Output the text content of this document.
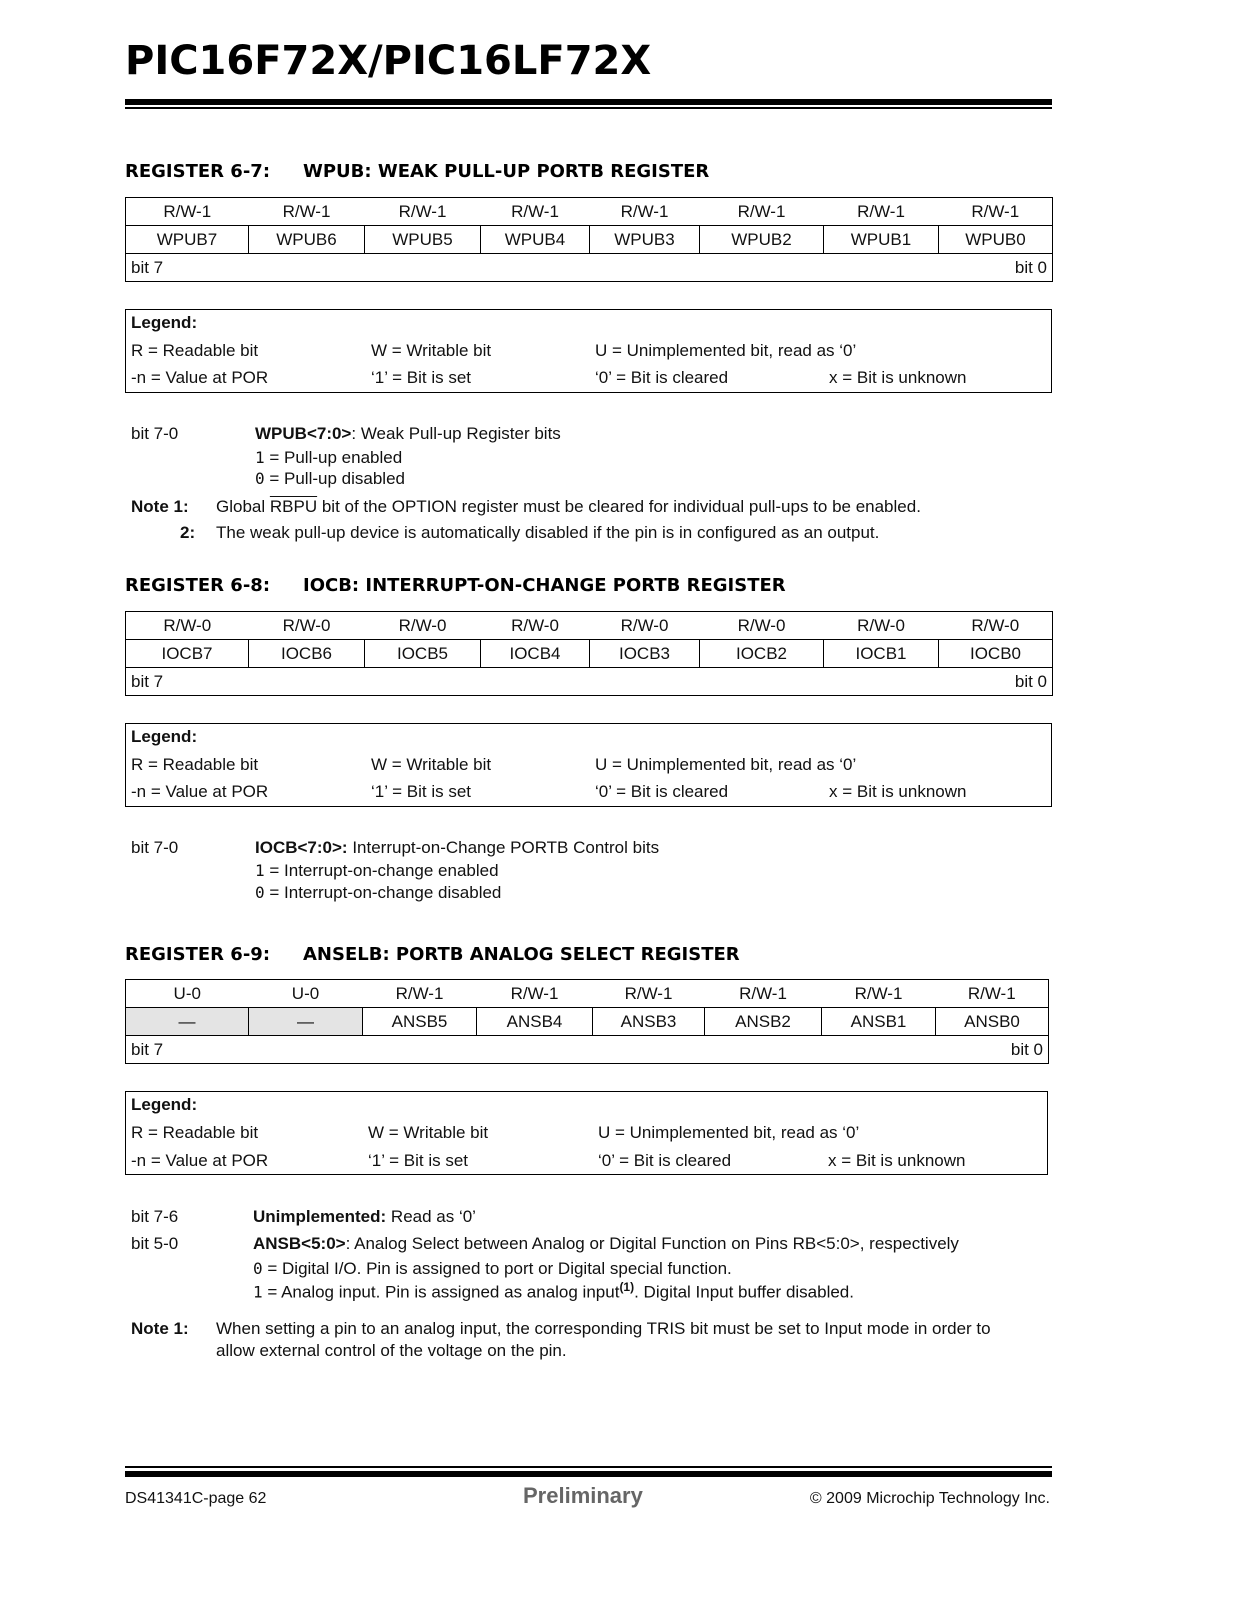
PIC16F72X/PIC16LF72X
REGISTER 6-7: WPUB: WEAK PULL-UP PORTB REGISTER
R/W-1	R/W-1	R/W-1	R/W-1	R/W-1	R/W-1	R/W-1	R/W-1
WPUB7	WPUB6	WPUB5	WPUB4	WPUB3	WPUB2	WPUB1	WPUB0
bit 7 bit 0							
Legend:
R = Readable bit	W = Writable bit	U = Unimplemented bit, read as ‘0’
-n = Value at POR	‘1’ = Bit is set	‘0’ = Bit is cleared	x = Bit is unknown
bit 7-0	WPUB<7:0>: Weak Pull-up Register bits
1 = Pull-up enabled
0 = Pull-up disabled
Note 1: Global RBPU bit of the OPTION register must be cleared for individual pull-ups to be enabled.
2: The weak pull-up device is automatically disabled if the pin is in configured as an output.
REGISTER 6-8: IOCB: INTERRUPT-ON-CHANGE PORTB REGISTER
R/W-0	R/W-0	R/W-0	R/W-0	R/W-0	R/W-0	R/W-0	R/W-0
IOCB7	IOCB6	IOCB5	IOCB4	IOCB3	IOCB2	IOCB1	IOCB0
bit 7 bit 0							
Legend:
R = Readable bit	W = Writable bit	U = Unimplemented bit, read as ‘0’
-n = Value at POR	‘1’ = Bit is set	‘0’ = Bit is cleared	x = Bit is unknown
bit 7-0	IOCB<7:0>: Interrupt-on-Change PORTB Control bits
1 = Interrupt-on-change enabled
0 = Interrupt-on-change disabled
REGISTER 6-9: ANSELB: PORTB ANALOG SELECT REGISTER
U-0	U-0	R/W-1	R/W-1	R/W-1	R/W-1	R/W-1	R/W-1
—	—	ANSB5	ANSB4	ANSB3	ANSB2	ANSB1	ANSB0
bit 7 bit 0							
Legend:
R = Readable bit	W = Writable bit	U = Unimplemented bit, read as ‘0’
-n = Value at POR	‘1’ = Bit is set	‘0’ = Bit is cleared	x = Bit is unknown
bit 7-6	Unimplemented: Read as ‘0’
bit 5-0	ANSB<5:0>: Analog Select between Analog or Digital Function on Pins RB<5:0>, respectively
0 = Digital I/O. Pin is assigned to port or Digital special function.
1 = Analog input. Pin is assigned as analog input$^{(1)}$. Digital Input buffer disabled.
Note 1: When setting a pin to an analog input, the corresponding TRIS bit must be set to Input mode in order to
allow external control of the voltage on the pin.
DS41341C-page 62	Preliminary	© 2009 Microchip Technology Inc.
